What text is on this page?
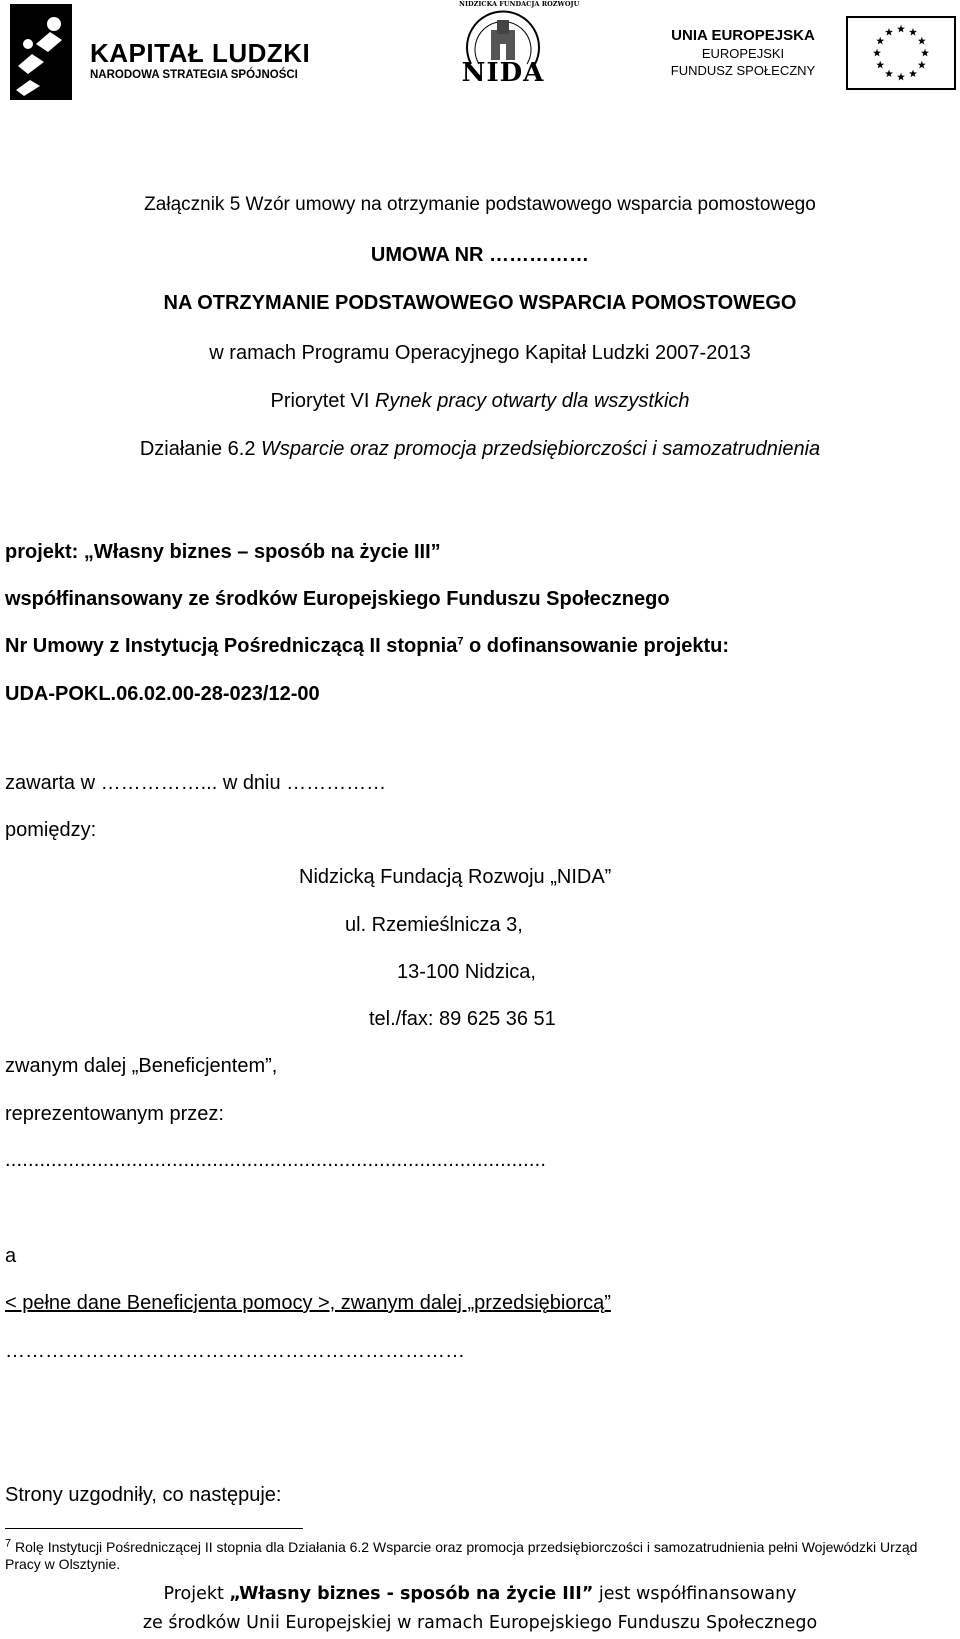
KAPITAŁ LUDZKI
NARODOWA STRATEGIA SPÓJNOŚCI
NIDZICKA FUNDACJA ROZWOJU
NIDA
UNIA EUROPEJSKA
EUROPEJSKI
FUNDUSZ SPOŁECZNY
Załącznik 5 Wzór umowy na otrzymanie podstawowego wsparcia pomostowego
UMOWA NR ……………
NA OTRZYMANIE PODSTAWOWEGO WSPARCIA POMOSTOWEGO
w ramach Programu Operacyjnego Kapitał Ludzki 2007-2013
Priorytet VI Rynek pracy otwarty dla wszystkich
Działanie 6.2 Wsparcie oraz promocja przedsiębiorczości i samozatrudnienia
projekt: „Własny biznes – sposób na życie III”
współfinansowany ze środków Europejskiego Funduszu Społecznego
Nr Umowy z Instytucją Pośredniczącą II stopnia$^7$ o dofinansowanie projektu:
UDA-POKL.06.02.00-28-023/12-00
zawarta w ……………... w dniu ……………
pomiędzy:
Nidzicką Fundacją Rozwoju „NIDA”
ul. Rzemieślnicza 3,
13-100 Nidzica,
tel./fax: 89 625 36 51
zwanym dalej „Beneficjentem”,
reprezentowanym przez:
..............................................................................................
a
< pełne dane Beneficjenta pomocy >, zwanym dalej „przedsiębiorcą”
……………………………………………………………
Strony uzgodniły, co następuje:
$^7$ Rolę Instytucji Pośredniczącej II stopnia dla Działania 6.2 Wsparcie oraz promocja przedsiębiorczości i samozatrudnienia pełni Wojewódzki Urząd Pracy w Olsztynie.
Projekt „Własny biznes - sposób na życie III” jest współfinansowany
ze środków Unii Europejskiej w ramach Europejskiego Funduszu Społecznego
